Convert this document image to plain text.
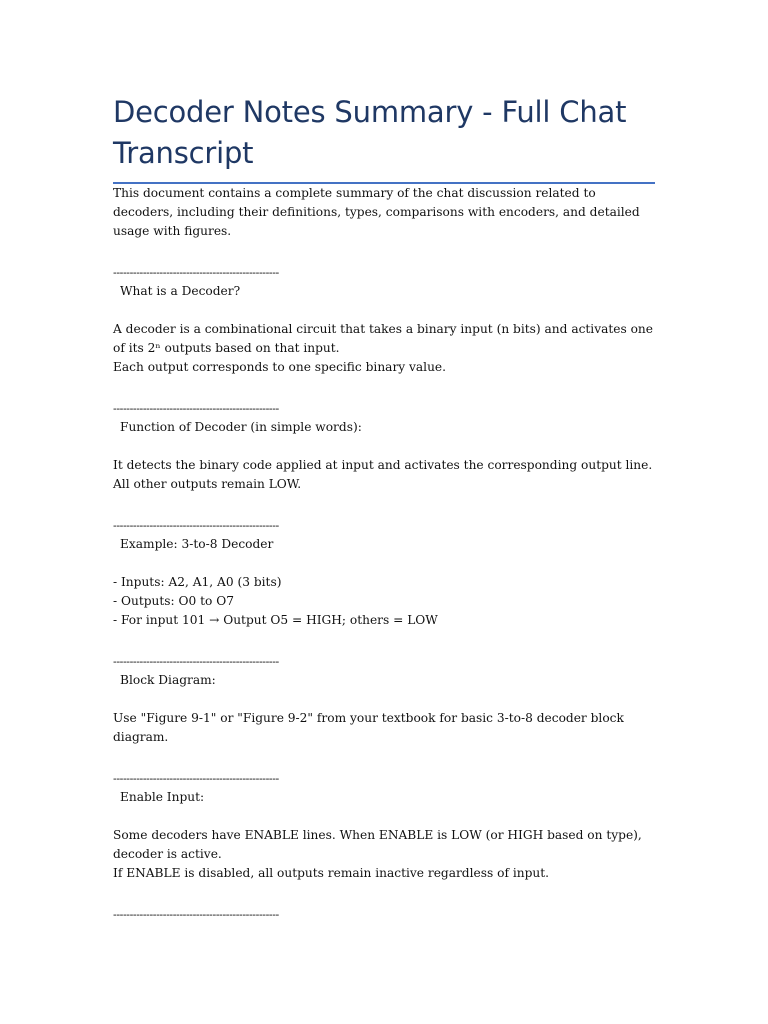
Decoder Notes Summary - Full Chat Transcript

This document contains a complete summary of the chat discussion related to decoders, including their definitions, types, comparisons with encoders, and detailed usage with figures.

--------------------------------------------------

What is a Decoder?

A decoder is a combinational circuit that takes a binary input (n bits) and activates one of its 2ⁿ outputs based on that input.
Each output corresponds to one specific binary value.

--------------------------------------------------

Function of Decoder (in simple words):

It detects the binary code applied at input and activates the corresponding output line.
All other outputs remain LOW.

--------------------------------------------------

Example: 3-to-8 Decoder

- Inputs: A2, A1, A0 (3 bits)
- Outputs: O0 to O7
- For input 101 → Output O5 = HIGH; others = LOW

--------------------------------------------------

Block Diagram:

Use "Figure 9-1" or "Figure 9-2" from your textbook for basic 3-to-8 decoder block diagram.

--------------------------------------------------

Enable Input:

Some decoders have ENABLE lines. When ENABLE is LOW (or HIGH based on type), decoder is active.
If ENABLE is disabled, all outputs remain inactive regardless of input.

--------------------------------------------------
